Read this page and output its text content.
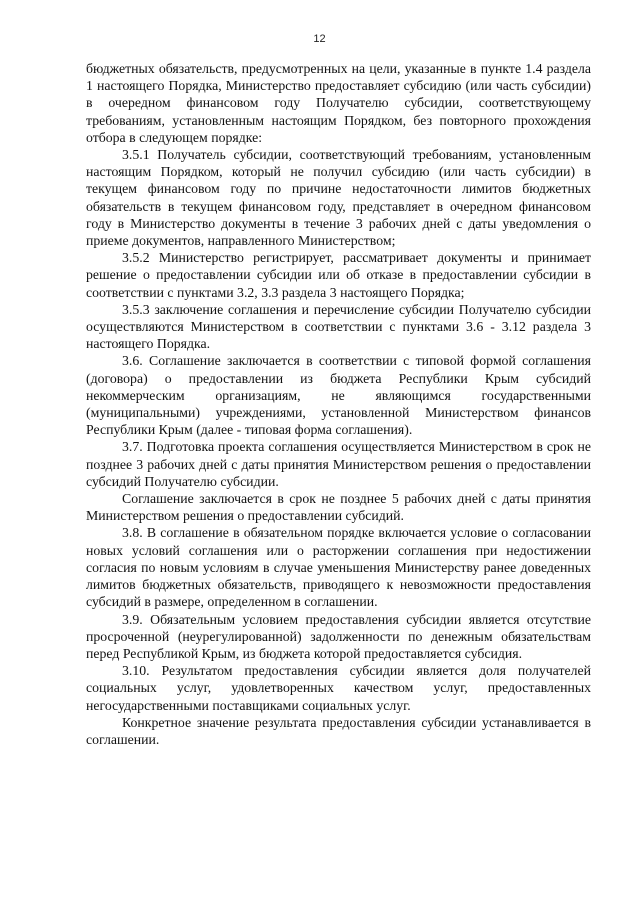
12

бюджетных обязательств, предусмотренных на цели, указанные в пункте 1.4 раздела 1 настоящего Порядка, Министерство предоставляет субсидию (или часть субсидии) в очередном финансовом году Получателю субсидии, соответствующему требованиям, установленным настоящим Порядком, без повторного прохождения отбора в следующем порядке:

3.5.1 Получатель субсидии, соответствующий требованиям, установленным настоящим Порядком, который не получил субсидию (или часть субсидии) в текущем финансовом году по причине недостаточности лимитов бюджетных обязательств в текущем финансовом году, представляет в очередном финансовом году в Министерство документы в течение 3 рабочих дней с даты уведомления о приеме документов, направленного Министерством;

3.5.2 Министерство регистрирует, рассматривает документы и принимает решение о предоставлении субсидии или об отказе в предоставлении субсидии в соответствии с пунктами 3.2, 3.3 раздела 3 настоящего Порядка;

3.5.3 заключение соглашения и перечисление субсидии Получателю субсидии осуществляются Министерством в соответствии с пунктами 3.6 - 3.12 раздела 3 настоящего Порядка.

3.6. Соглашение заключается в соответствии с типовой формой соглашения (договора) о предоставлении из бюджета Республики Крым субсидий некоммерческим организациям, не являющимся государственными (муниципальными) учреждениями, установленной Министерством финансов Республики Крым (далее - типовая форма соглашения).

3.7. Подготовка проекта соглашения осуществляется Министерством в срок не позднее 3 рабочих дней с даты принятия Министерством решения о предоставлении субсидий Получателю субсидии.

Соглашение заключается в срок не позднее 5 рабочих дней с даты принятия Министерством решения о предоставлении субсидий.

3.8. В соглашение в обязательном порядке включается условие о согласовании новых условий соглашения или о расторжении соглашения при недостижении согласия по новым условиям в случае уменьшения Министерству ранее доведенных лимитов бюджетных обязательств, приводящего к невозможности предоставления субсидий в размере, определенном в соглашении.

3.9. Обязательным условием предоставления субсидии является отсутствие просроченной (неурегулированной) задолженности по денежным обязательствам перед Республикой Крым, из бюджета которой предоставляется субсидия.

3.10. Результатом предоставления субсидии является доля получателей социальных услуг, удовлетворенных качеством услуг, предоставленных негосударственными поставщиками социальных услуг.

Конкретное значение результата предоставления субсидии устанавливается в соглашении.
